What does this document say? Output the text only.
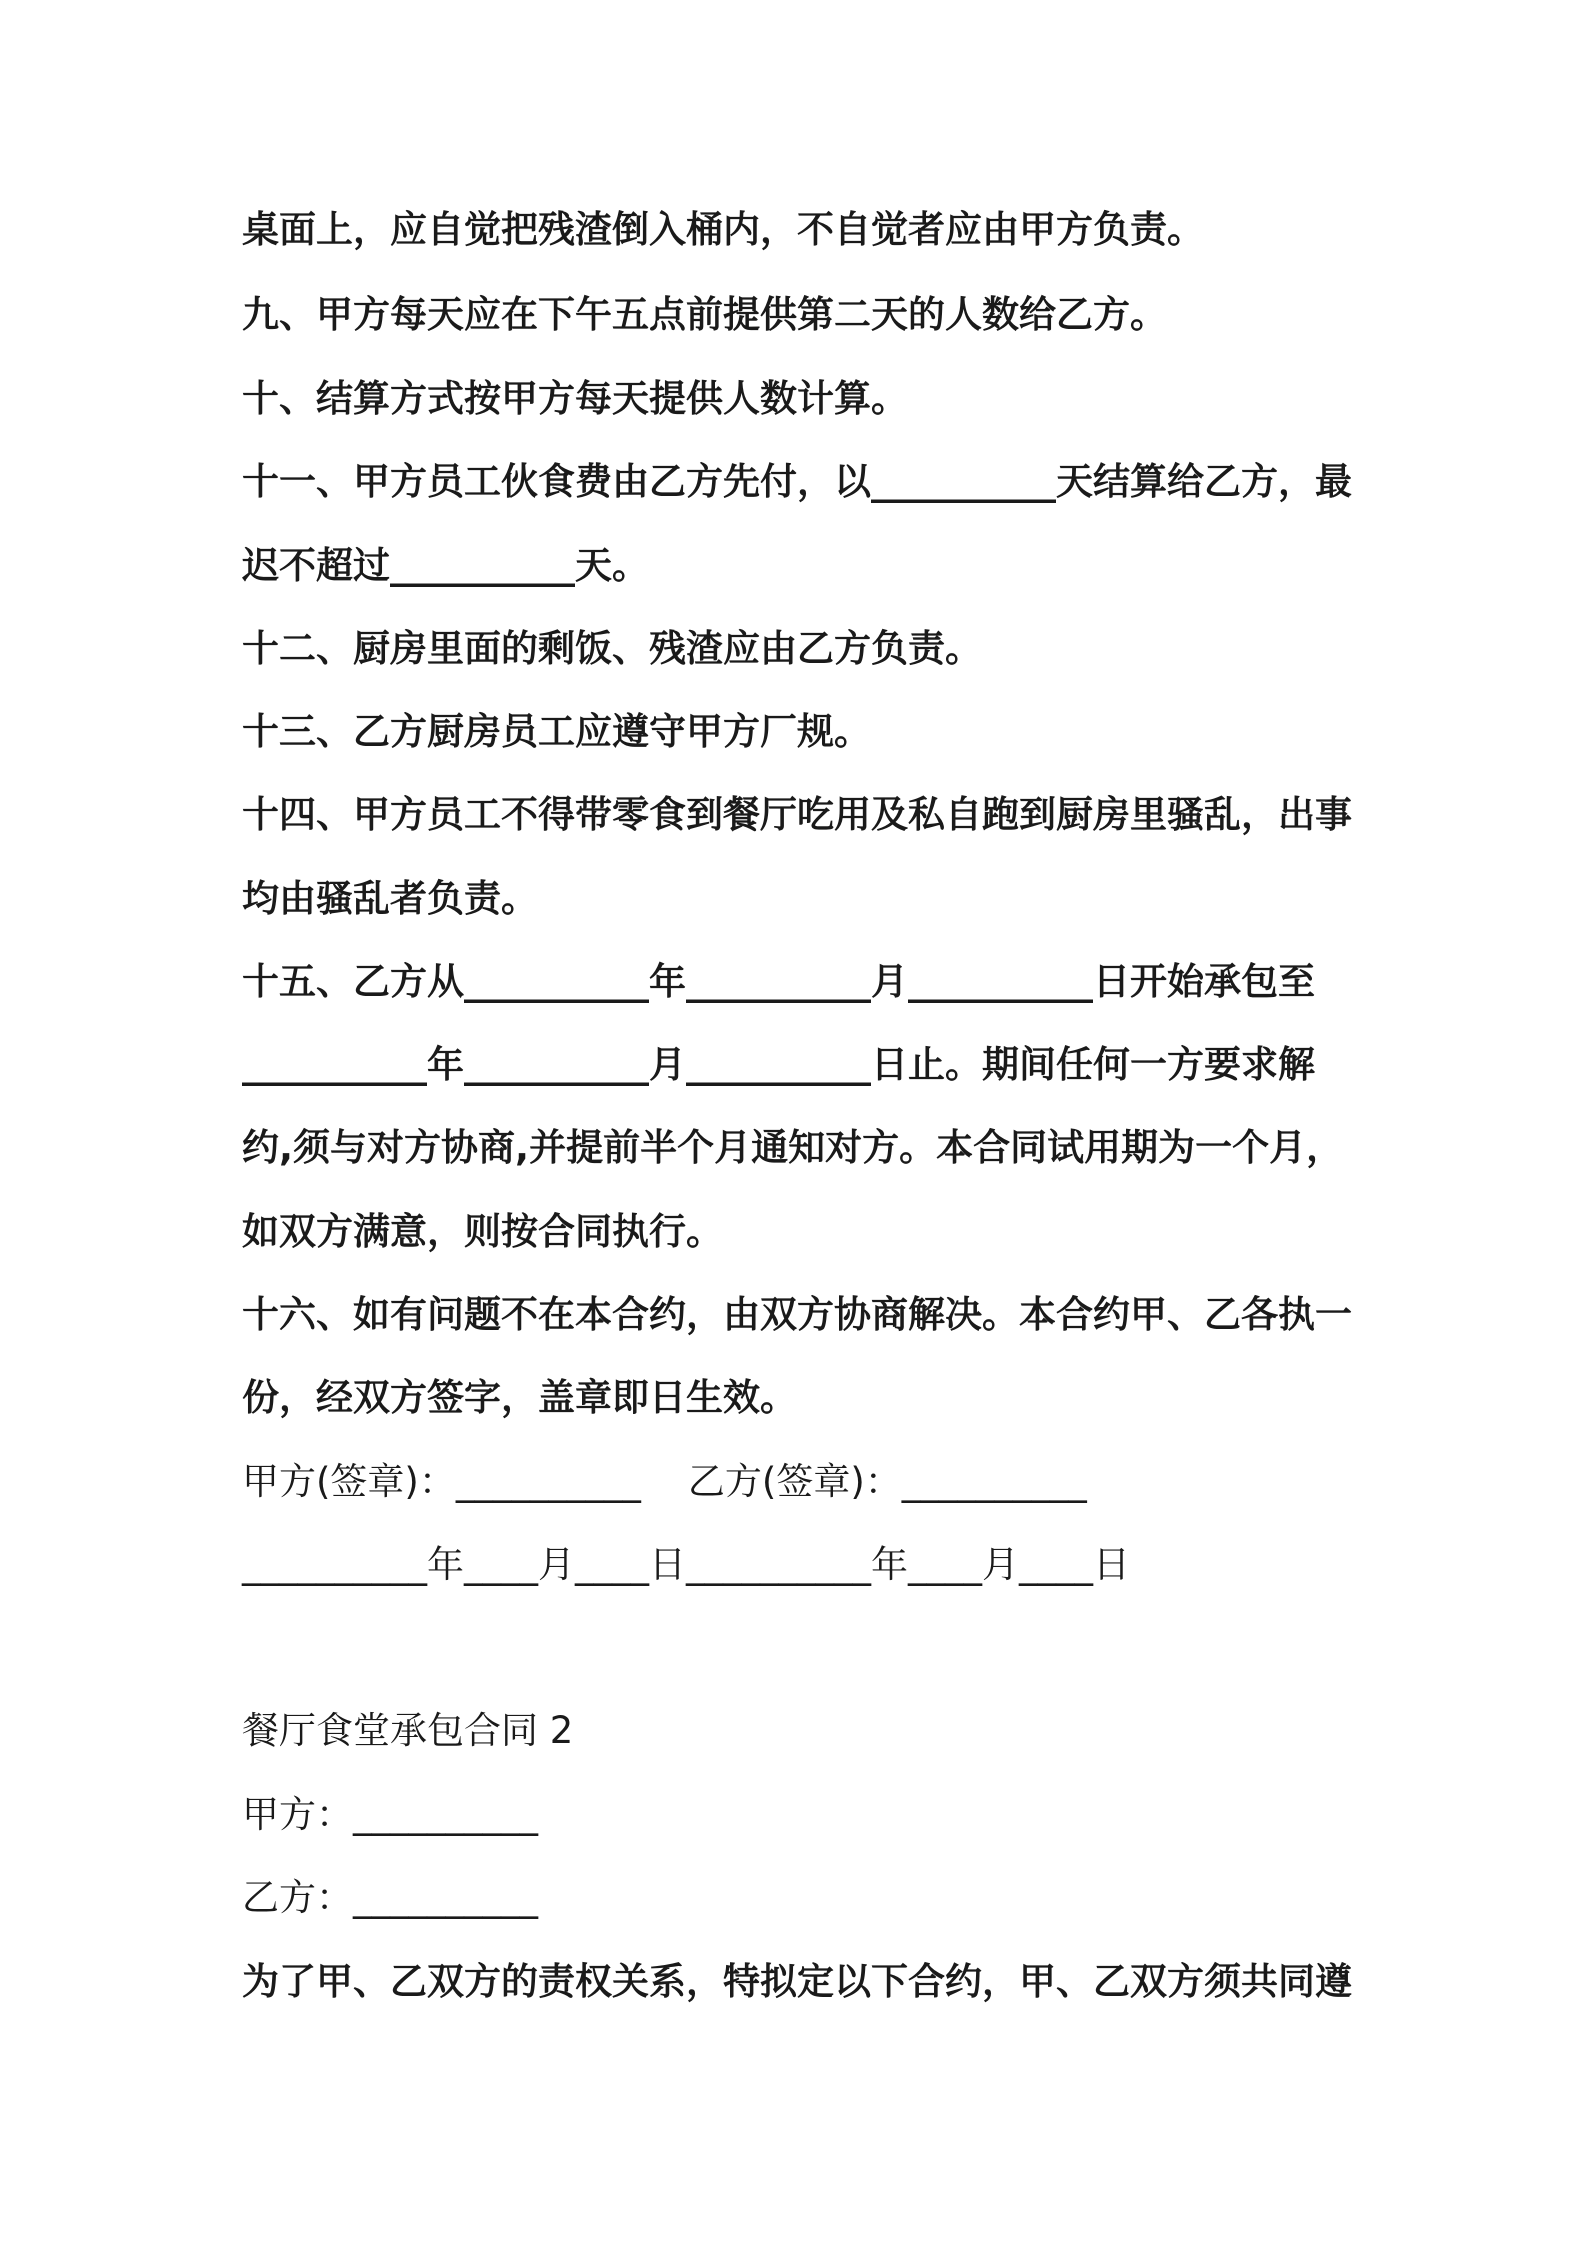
桌面上，应自觉把残渣倒入桶内，不自觉者应由甲方负责。
九、甲方每天应在下午五点前提供第二天的人数给乙方。
十、结算方式按甲方每天提供人数计算。
十一、甲方员工伙食费由乙方先付，以__________天结算给乙方，最
迟不超过__________天。
十二、厨房里面的剩饭、残渣应由乙方负责。
十三、乙方厨房员工应遵守甲方厂规。
十四、甲方员工不得带零食到餐厅吃用及私自跑到厨房里骚乱，出事
均由骚乱者负责。
十五、乙方从__________年__________月__________日开始承包至
__________年__________月__________日止。期间任何一方要求解
约,须与对方协商,并提前半个月通知对方。本合同试用期为一个月，
如双方满意，则按合同执行。
十六、如有问题不在本合约，由双方协商解决。本合约甲、乙各执一
份，经双方签字，盖章即日生效。
甲方(签章)：__________    乙方(签章)：__________
__________年____月____日__________年____月____日
餐厅食堂承包合同 2
甲方：__________
乙方：__________
为了甲、乙双方的责权关系，特拟定以下合约，甲、乙双方须共同遵
